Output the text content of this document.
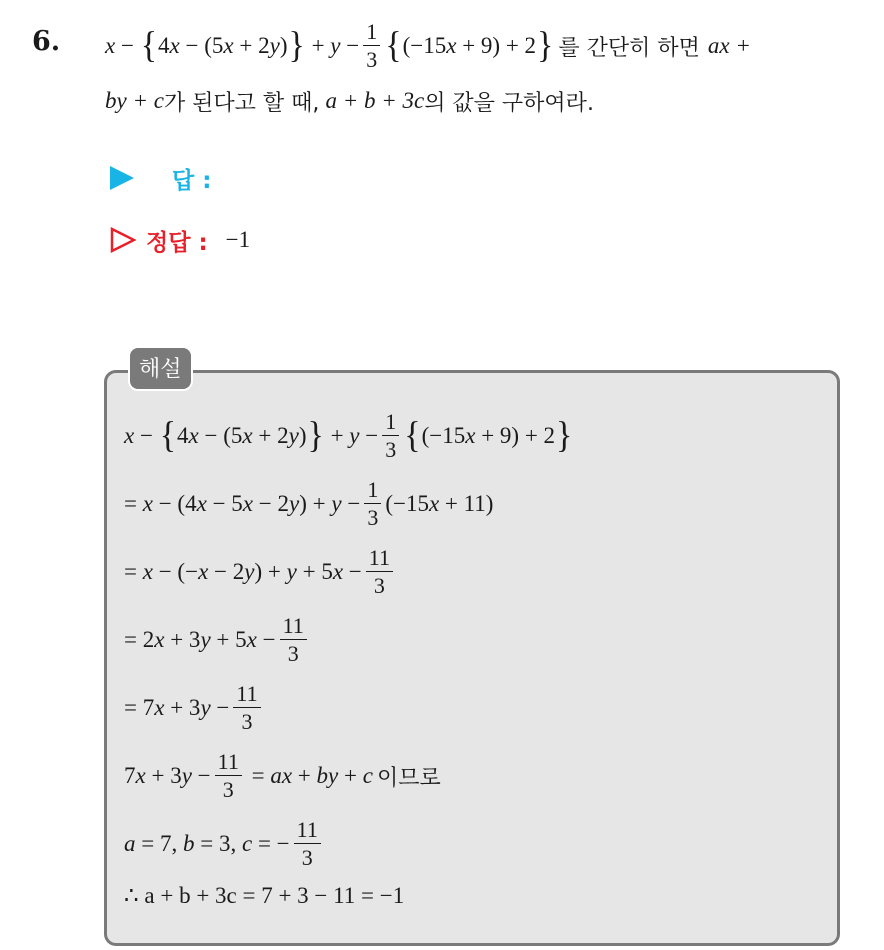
6. x − { 4 x − (5 x + 2 y ) } + $y - \frac{1}{3}$ { (−15 x + 9) + 2 } 를 간단히 하면 ax +
by + c 가 된다고 할 때, a + b + 3c 의 값을 구하여라.
답 :
정답 : −1
해설
x − { 4 x − (5 x + 2 y ) } + $y - \frac{1}{3}$ { (−15 x + 9) + 2 }
= x − (4 x − 5 x − 2 y ) + $y - \frac{1}{3} (-15$ x + 11)
= x − (− x − 2 y ) + y + 5 $x - \frac{11}{3}$
= 2 x + 3 y + 5 $x - \frac{11}{3}$
= 7 x + 3 $y - \frac{11}{3}$
7 x + 3 $y - \frac{11}{3}$ = ax + by + c 이므로
a = 7, b = 3, c = − $\frac{11}{3}$
∴ a + b + 3c = 7 + 3 − 11 = −1
